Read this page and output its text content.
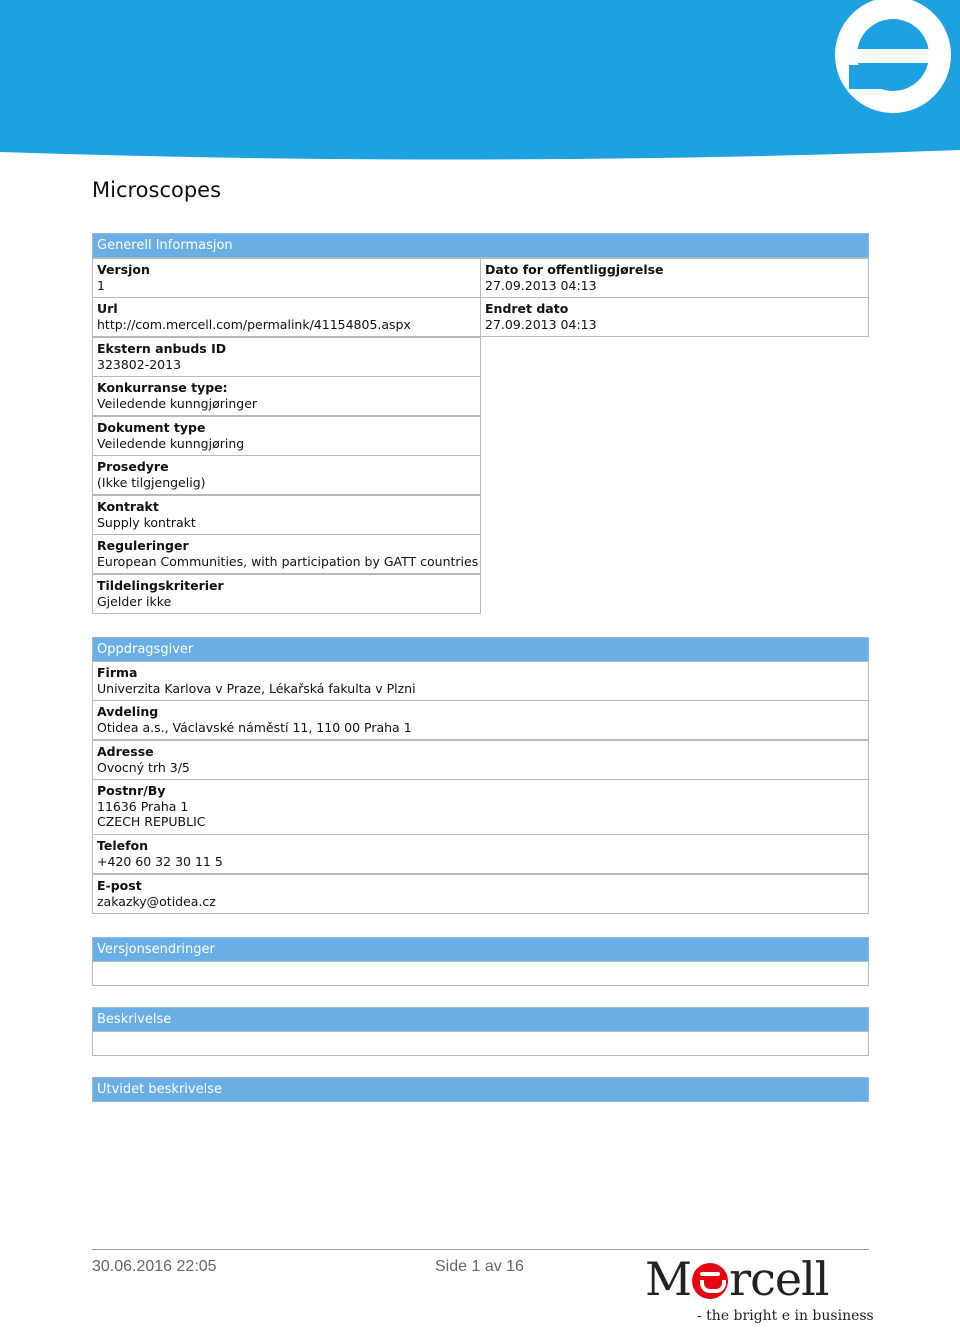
Microscopes
Generell Informasjon
Versjon
1
Url
http://com.mercell.com/permalink/41154805.aspx
Ekstern anbuds ID
323802-2013
Konkurranse type:
Veiledende kunngjøringer
Dokument type
Veiledende kunngjøring
Prosedyre
(Ikke tilgjengelig)
Kontrakt
Supply kontrakt
Reguleringer
European Communities, with participation by GATT countries
Tildelingskriterier
Gjelder ikke
Dato for offentliggjørelse
27.09.2013 04:13
Endret dato
27.09.2013 04:13
Oppdragsgiver
Firma
Univerzita Karlova v Praze, Lékařská fakulta v Plzni
Avdeling
Otidea a.s., Václavské náměstí 11, 110 00 Praha 1
Adresse
Ovocný trh 3/5
Postnr/By
11636 Praha 1
CZECH REPUBLIC
Telefon
+420 60 32 30 11 5
E-post
zakazky@otidea.cz
Versjonsendringer
Beskrivelse
Utvidet beskrivelse
30.06.2016 22:05	Side 1 av 16	M rcell
- the bright e in business
